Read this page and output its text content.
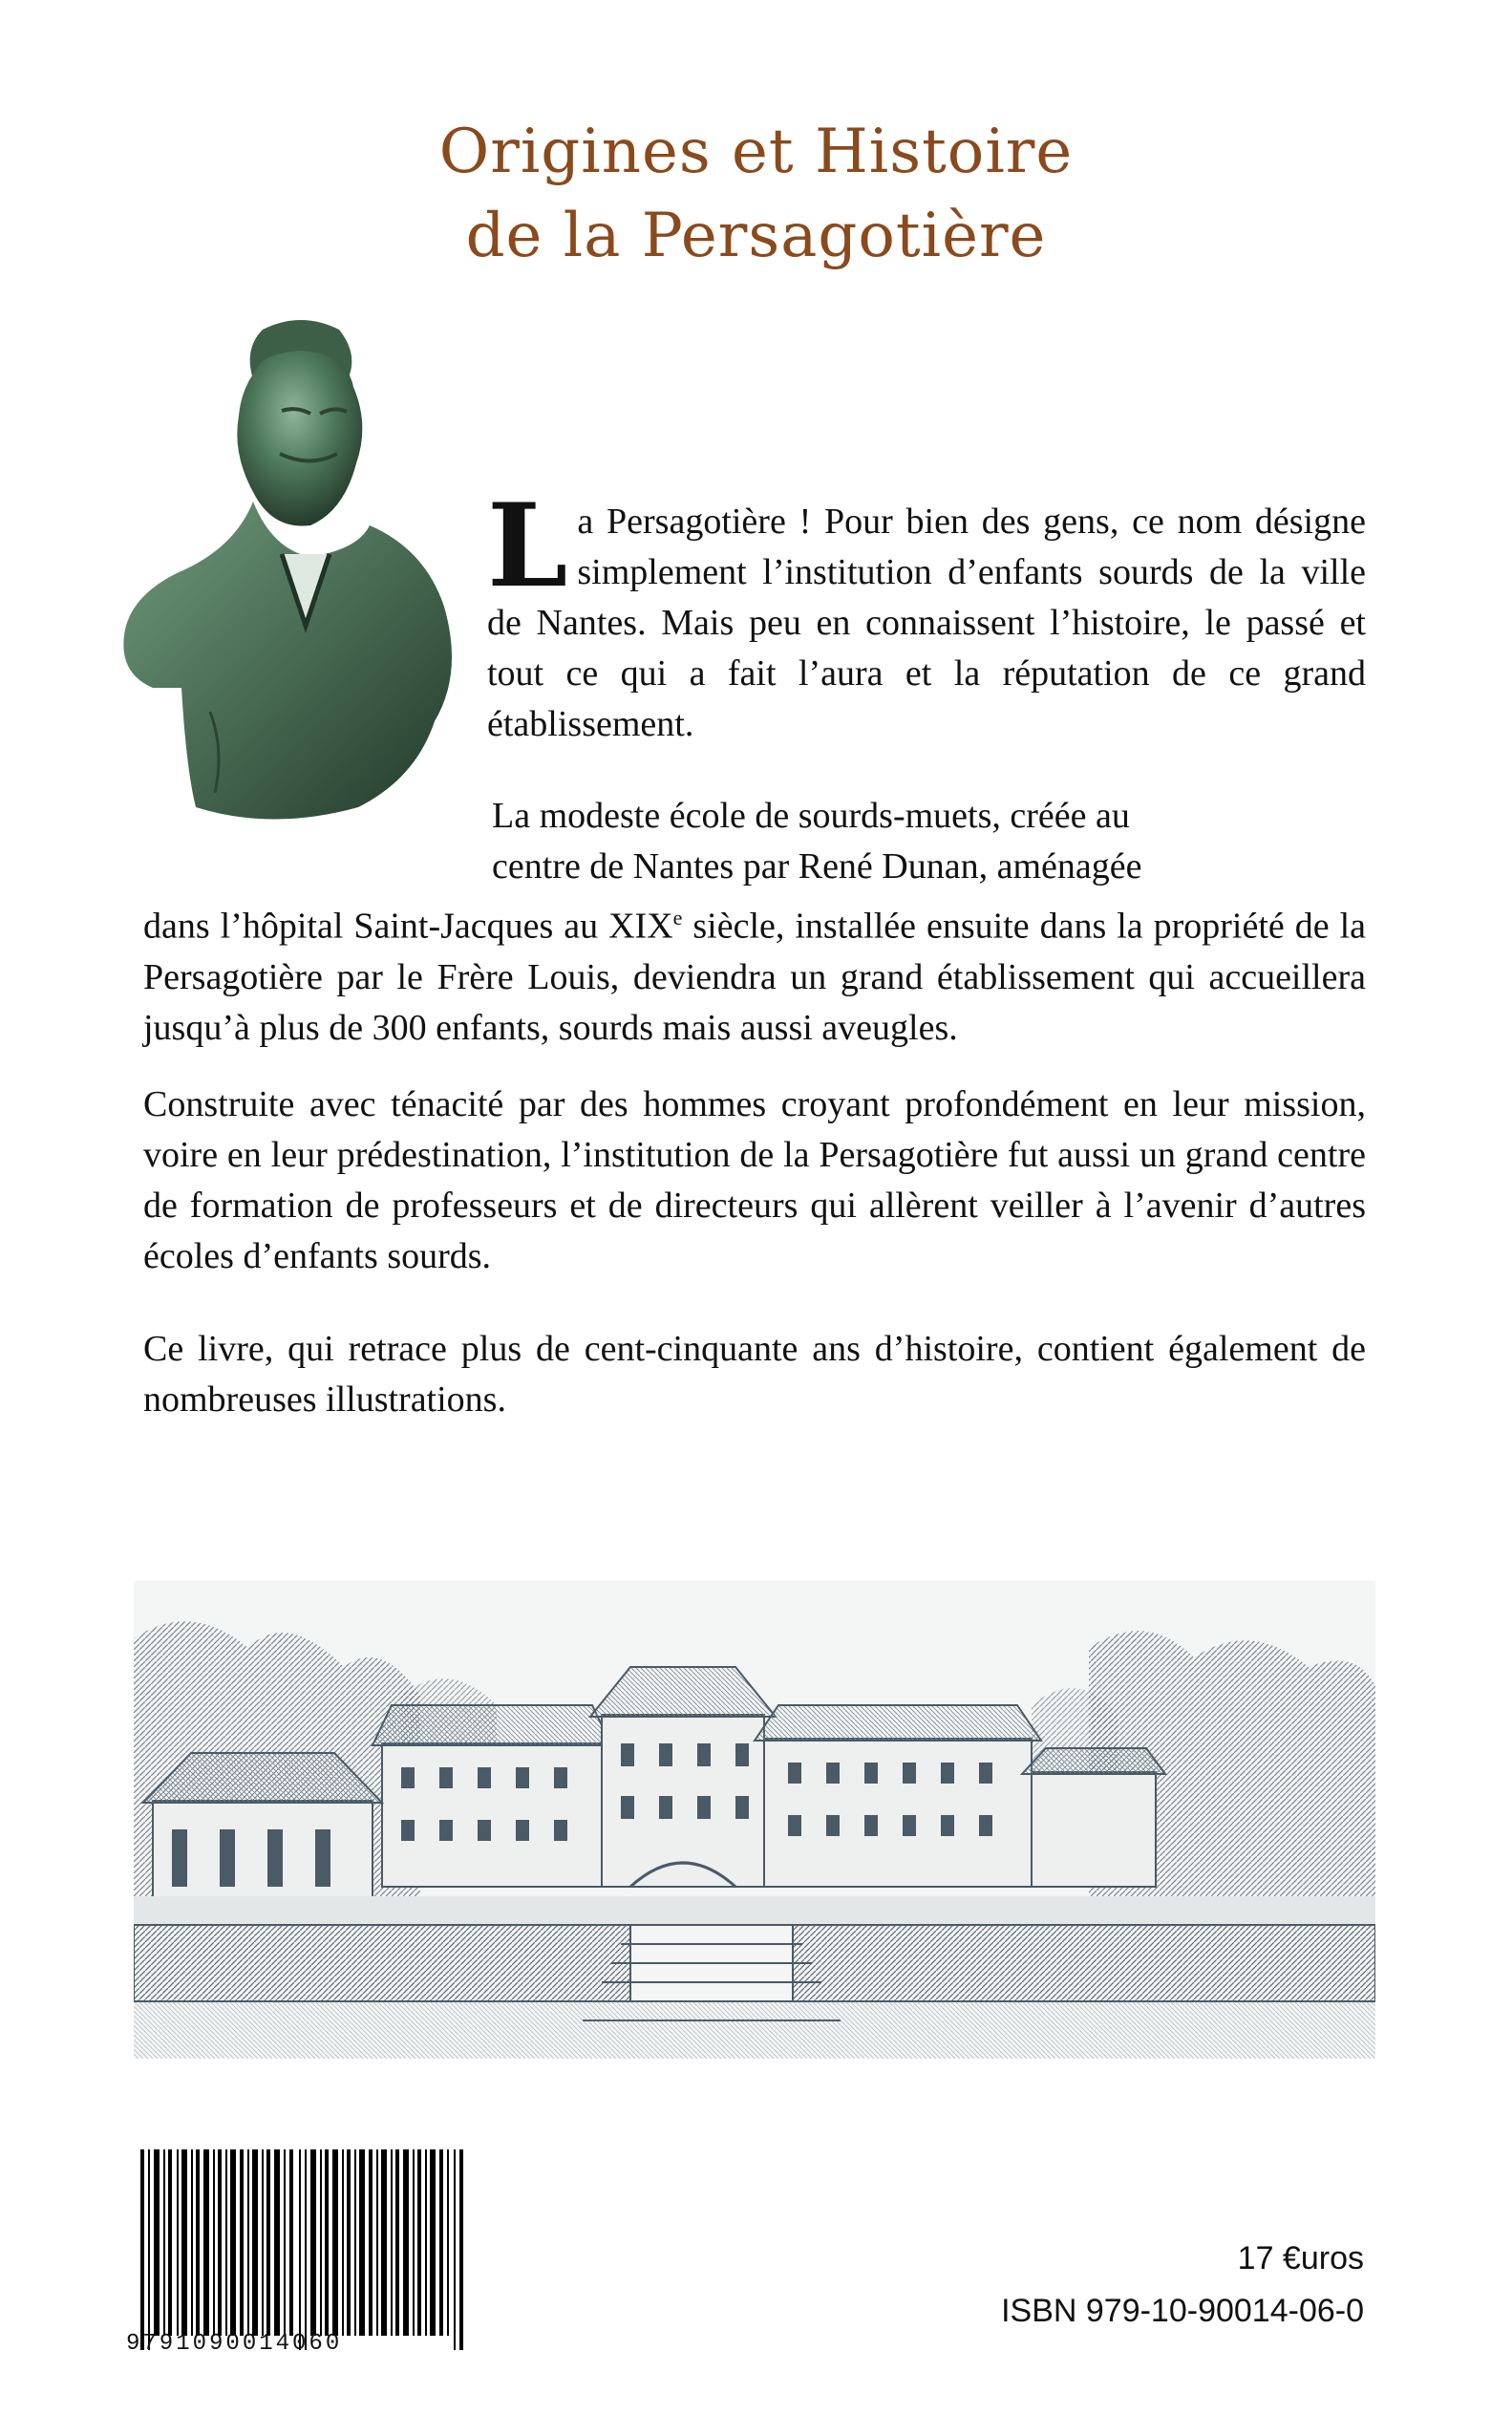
Origines et Histoire
de la Persagotière
La Persagotière ! Pour bien des gens, ce nom désigne simplement l’institution d’enfants sourds de la ville de Nantes. Mais peu en connaissent l’histoire, le passé et tout ce qui a fait l’aura et la réputation de ce grand établissement.
La modeste école de sourds-muets, créée au
centre de Nantes par René Dunan, aménagée
dans l’hôpital Saint-Jacques au XIXe siècle, installée ensuite dans la propriété de la Persagotière par le Frère Louis, deviendra un grand établissement qui accueillera jusqu’à plus de 300 enfants, sourds mais aussi aveugles.
Construite avec ténacité par des hommes croyant profondément en leur mission, voire en leur prédestination, l’institution de la Persagotière fut aussi un grand centre de formation de professeurs et de directeurs qui allèrent veiller à l’avenir d’autres écoles d’enfants sourds.
Ce livre, qui retrace plus de cent-cinquante ans d’histoire, contient également de nombreuses illustrations.
9791090014060
17 €uros
ISBN 979-10-90014-06-0
